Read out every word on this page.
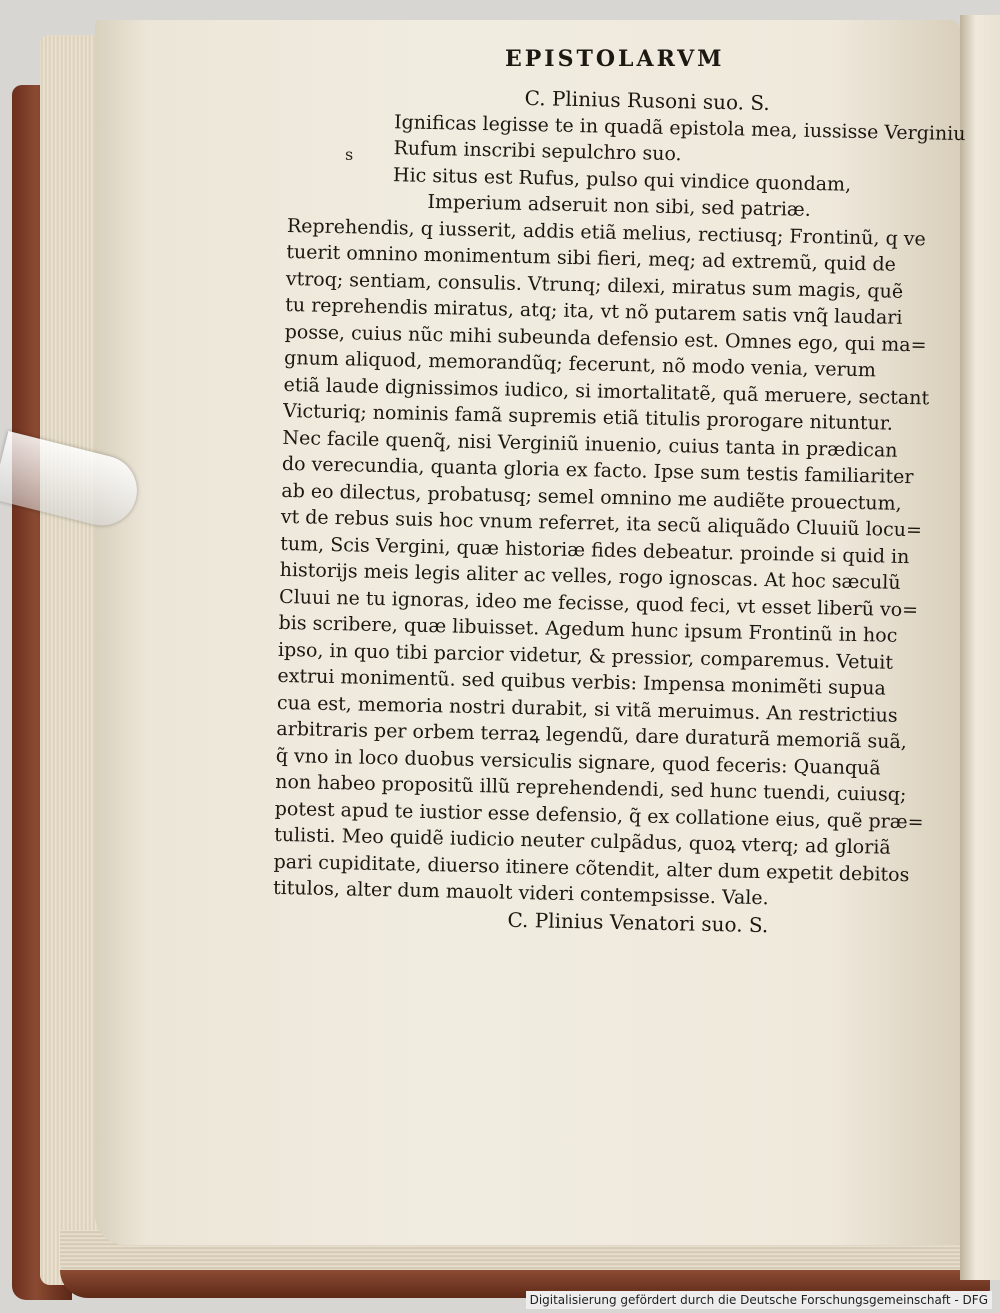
EPISTOLARVM
s
C. Plinius Rusoni suo. S.
Ignificas legisse te in quadã epistola mea, iussisse Verginiu
Rufum inscribi sepulchro suo.
Hic situs est Rufus, pulso qui vindice quondam,
Imperium adseruit non sibi, sed patriæ.
Reprehendis, q iusserit, addis etiã melius, rectiusq; Frontinũ, q ve
tuerit omnino monimentum sibi fieri, meq; ad extremũ, quid de
vtroq; sentiam, consulis. Vtrunq; dilexi, miratus sum magis, quẽ
tu reprehendis miratus, atq; ita, vt nõ putarem satis vnq̃ laudari
posse, cuius nũc mihi subeunda defensio est. Omnes ego, qui ma=
gnum aliquod, memorandũq; fecerunt, nõ modo venia, verum
etiã laude dignissimos iudico, si imortalitatẽ, quã meruere, sectant
Victuriq; nominis famã supremis etiã titulis prorogare nituntur.
Nec facile quenq̃, nisi Verginiũ inuenio, cuius tanta in prædican
do verecundia, quanta gloria ex facto. Ipse sum testis familiariter
ab eo dilectus, probatusq; semel omnino me audiẽte prouectum,
vt de rebus suis hoc vnum referret, ita secũ aliquãdo Cluuiũ locu=
tum, Scis Vergini, quæ historiæ fides debeatur. proinde si quid in
historijs meis legis aliter ac velles, rogo ignoscas. At hoc sæculũ
Cluui ne tu ignoras, ideo me fecisse, quod feci, vt esset liberũ vo=
bis scribere, quæ libuisset. Agedum hunc ipsum Frontinũ in hoc
ipso, in quo tibi parcior videtur, & pressior, comparemus. Vetuit
extrui monimentũ. sed quibus verbis: Impensa monimẽti supua
cua est, memoria nostri durabit, si vitã meruimus. An restrictius
arbitraris per orbem terraꝝ legendũ, dare duraturã memoriã suã,
q̃ vno in loco duobus versiculis signare, quod feceris: Quanquã
non habeo propositũ illũ reprehendendi, sed hunc tuendi, cuiusq;
potest apud te iustior esse defensio, q̃ ex collatione eius, quẽ præ=
tulisti. Meo quidẽ iudicio neuter culpãdus, quoꝝ vterq; ad gloriã
pari cupiditate, diuerso itinere cõtendit, alter dum expetit debitos
titulos, alter dum mauolt videri contempsisse. Vale.
C. Plinius Venatori suo. S.
Digitalisierung gefördert durch die Deutsche Forschungsgemeinschaft - DFG
